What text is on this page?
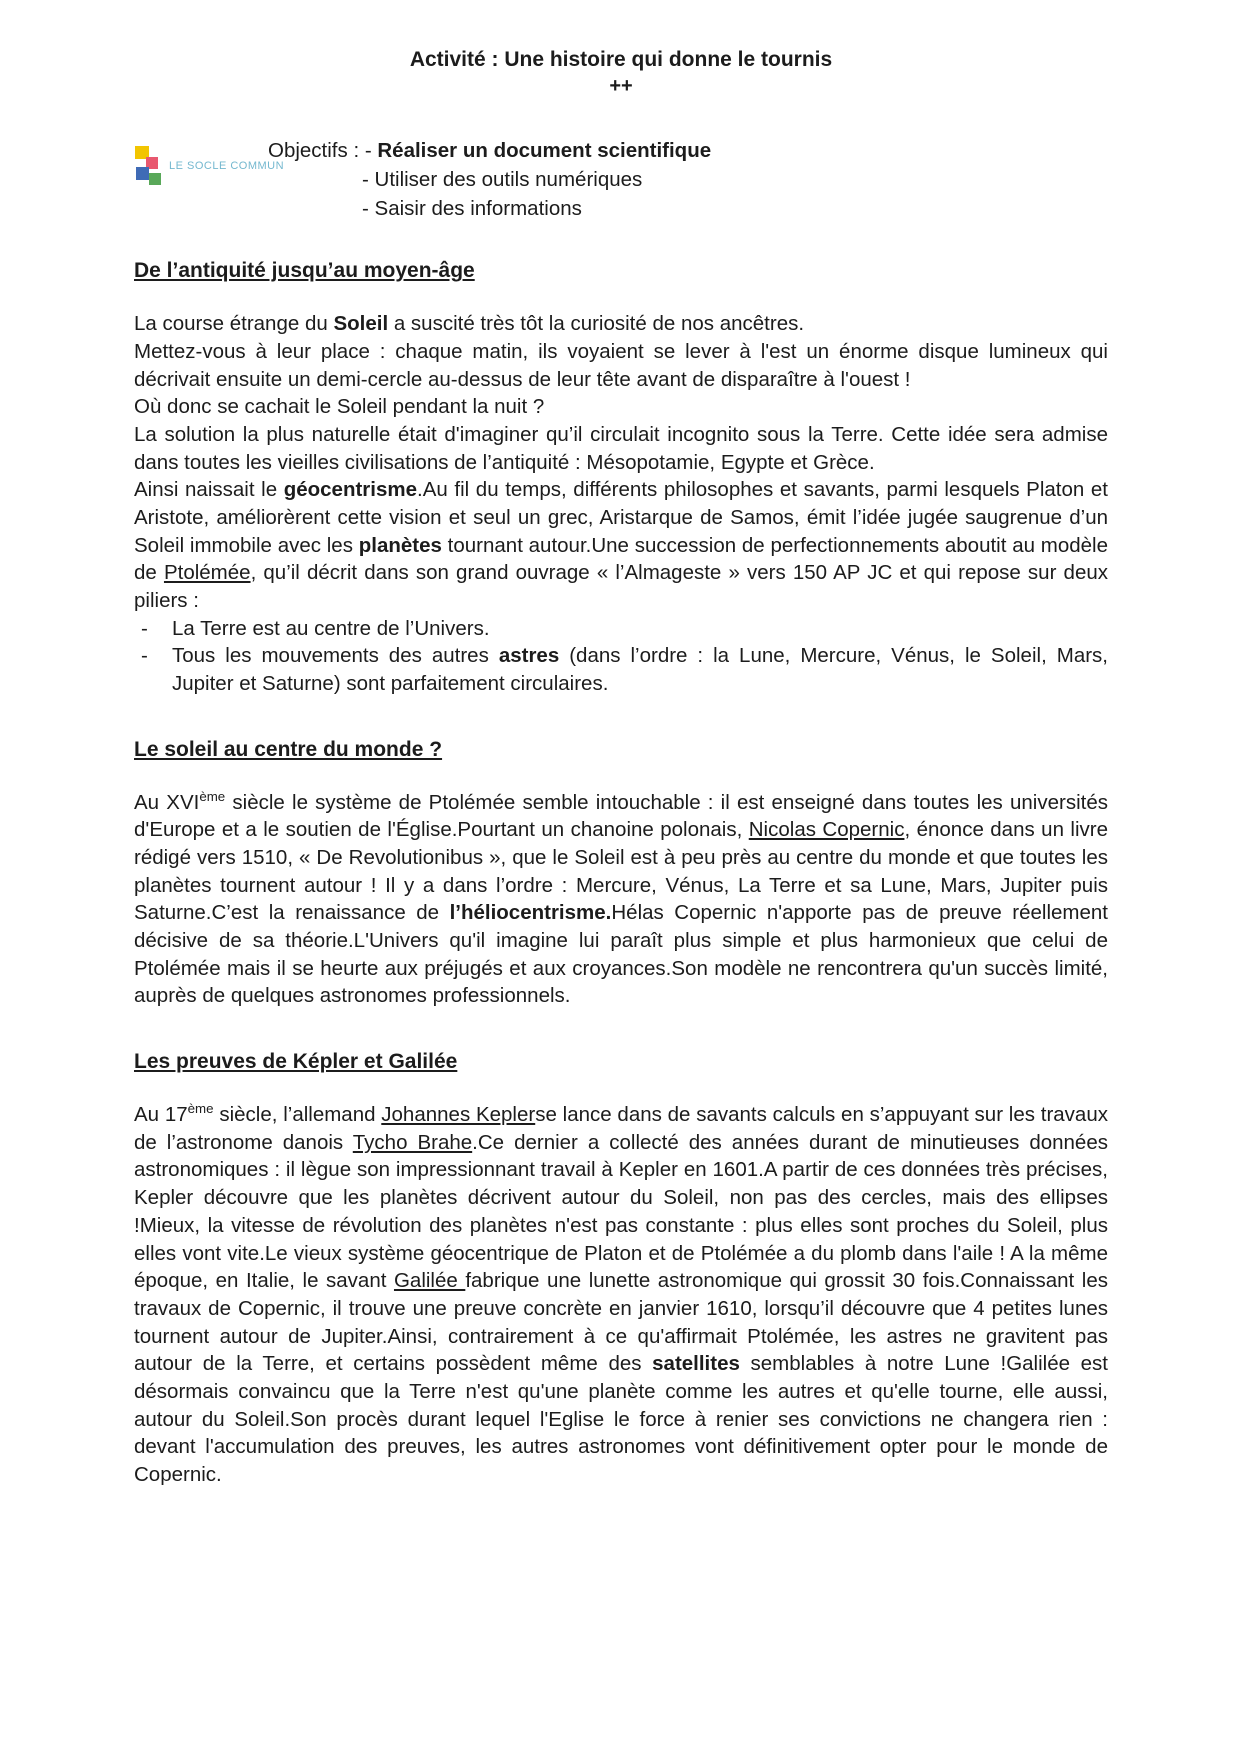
Activité : Une histoire qui donne le tournis
++
LE SOCLE COMMUN
Objectifs : - Réaliser un document scientifique
- Utiliser des outils numériques
- Saisir des informations
De l’antiquité jusqu’au moyen-âge

La course étrange du Soleil a suscité très tôt la curiosité de nos ancêtres.

Mettez-vous à leur place : chaque matin, ils voyaient se lever à l'est un énorme disque lumineux qui décrivait ensuite un demi-cercle au-dessus de leur tête avant de disparaître à l'ouest !

Où donc se cachait le Soleil pendant la nuit ?

La solution la plus naturelle était d'imaginer qu’il circulait incognito sous la Terre. Cette idée sera admise dans toutes les vieilles civilisations de l’antiquité : Mésopotamie, Egypte et Grèce.

Ainsi naissait le géocentrisme.Au fil du temps, différents philosophes et savants, parmi lesquels Platon et Aristote, améliorèrent cette vision et seul un grec, Aristarque de Samos, émit l’idée jugée saugrenue d’un Soleil immobile avec les planètes tournant autour.Une succession de perfectionnements aboutit au modèle de Ptolémée, qu’il décrit dans son grand ouvrage « l’Almageste » vers 150 AP JC et qui repose sur deux piliers :

-	La Terre est au centre de l’Univers.
-	Tous les mouvements des autres astres (dans l’ordre : la Lune, Mercure, Vénus, le Soleil, Mars, Jupiter et Saturne) sont parfaitement circulaires.
Le soleil au centre du monde ?

Au XVIème siècle le système de Ptolémée semble intouchable : il est enseigné dans toutes les universités d'Europe et a le soutien de l'Église.Pourtant un chanoine polonais, Nicolas Copernic, énonce dans un livre rédigé vers 1510, « De Revolutionibus », que le Soleil est à peu près au centre du monde et que toutes les planètes tournent autour ! Il y a dans l’ordre : Mercure, Vénus, La Terre et sa Lune, Mars, Jupiter puis Saturne.C’est la renaissance de l’héliocentrisme.Hélas Copernic n'apporte pas de preuve réellement décisive de sa théorie.L'Univers qu'il imagine lui paraît plus simple et plus harmonieux que celui de Ptolémée mais il se heurte aux préjugés et aux croyances.Son modèle ne rencontrera qu'un succès limité, auprès de quelques astronomes professionnels.

Les preuves de Képler et Galilée

Au 17ème siècle, l’allemand Johannes Keplerse lance dans de savants calculs en s’appuyant sur les travaux de l’astronome danois Tycho Brahe.Ce dernier a collecté des années durant de minutieuses données astronomiques : il lègue son impressionnant travail à Kepler en 1601.A partir de ces données très précises, Kepler découvre que les planètes décrivent autour du Soleil, non pas des cercles, mais des ellipses !Mieux, la vitesse de révolution des planètes n'est pas constante : plus elles sont proches du Soleil, plus elles vont vite.Le vieux système géocentrique de Platon et de Ptolémée a du plomb dans l'aile ! A la même époque, en Italie, le savant Galilée fabrique une lunette astronomique qui grossit 30 fois.Connaissant les travaux de Copernic, il trouve une preuve concrète en janvier 1610, lorsqu’il découvre que 4 petites lunes tournent autour de Jupiter.Ainsi, contrairement à ce qu'affirmait Ptolémée, les astres ne gravitent pas autour de la Terre, et certains possèdent même des satellites semblables à notre Lune !Galilée est désormais convaincu que la Terre n'est qu'une planète comme les autres et qu'elle tourne, elle aussi, autour du Soleil.Son procès durant lequel l'Eglise le force à renier ses convictions ne changera rien : devant l'accumulation des preuves, les autres astronomes vont définitivement opter pour le monde de Copernic.
